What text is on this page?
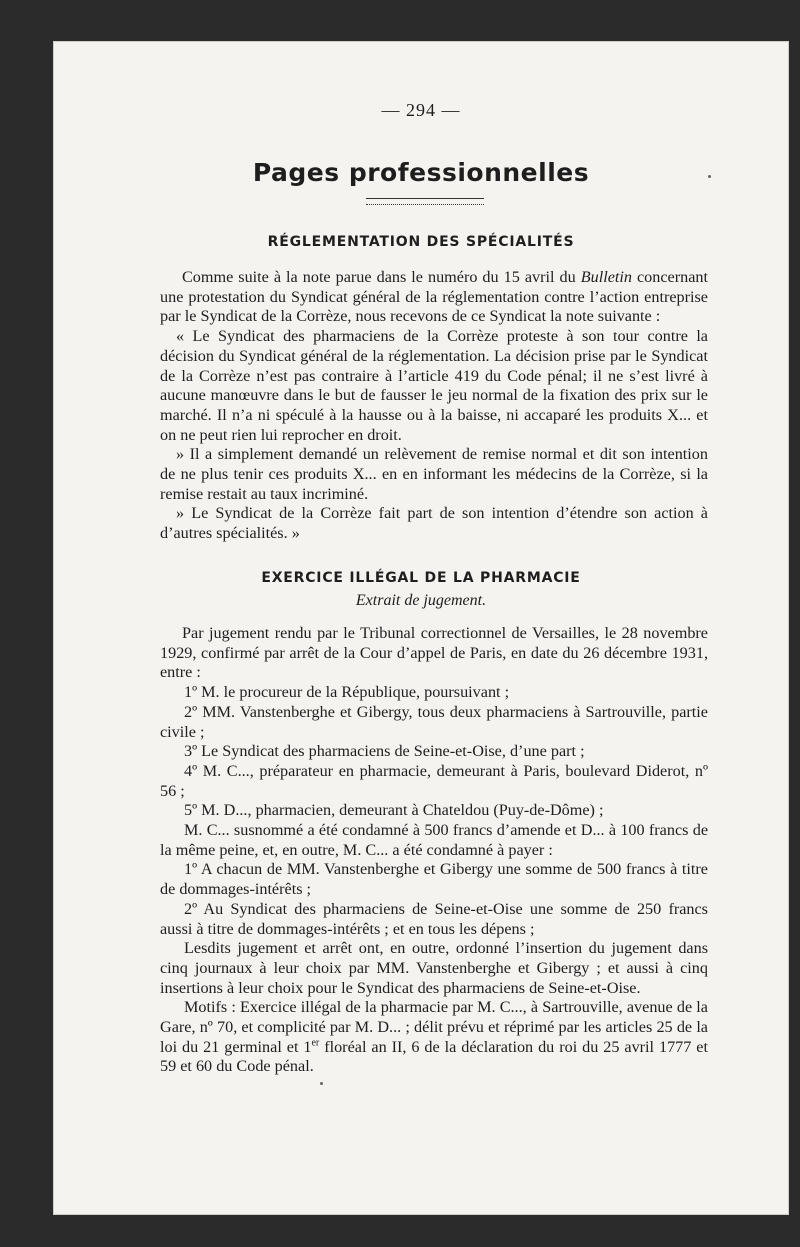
— 294 —
Pages professionnelles
RÉGLEMENTATION DES SPÉCIALITÉS

Comme suite à la note parue dans le numéro du 15 avril du Bulletin concernant une protestation du Syndicat général de la réglementation contre l’action entreprise par le Syndicat de la Corrèze, nous recevons de ce Syndicat la note suivante :

« Le Syndicat des pharmaciens de la Corrèze proteste à son tour contre la décision du Syndicat général de la réglementation. La décision prise par le Syndicat de la Corrèze n’est pas contraire à l’article 419 du Code pénal; il ne s’est livré à aucune manœuvre dans le but de fausser le jeu normal de la fixation des prix sur le marché. Il n’a ni spéculé à la hausse ou à la baisse, ni accaparé les produits X... et on ne peut rien lui reprocher en droit.

» Il a simplement demandé un relèvement de remise normal et dit son intention de ne plus tenir ces produits X... en en informant les médecins de la Corrèze, si la remise restait au taux incriminé.

» Le Syndicat de la Corrèze fait part de son intention d’étendre son action à d’autres spécialités. »

EXERCICE ILLÉGAL DE LA PHARMACIE
Extrait de jugement.

Par jugement rendu par le Tribunal correctionnel de Versailles, le 28 novembre 1929, confirmé par arrêt de la Cour d’appel de Paris, en date du 26 décembre 1931, entre :

1º M. le procureur de la République, poursuivant ;

2º MM. Vanstenberghe et Gibergy, tous deux pharmaciens à Sartrouville, partie civile ;

3º Le Syndicat des pharmaciens de Seine-et-Oise, d’une part ;

4º M. C..., préparateur en pharmacie, demeurant à Paris, boulevard Diderot, nº 56 ;

5º M. D..., pharmacien, demeurant à Chateldou (Puy-de-Dôme) ;

M. C... susnommé a été condamné à 500 francs d’amende et D... à 100 francs de la même peine, et, en outre, M. C... a été condamné à payer :

1º A chacun de MM. Vanstenberghe et Gibergy une somme de 500 francs à titre de dommages-intérêts ;

2º Au Syndicat des pharmaciens de Seine-et-Oise une somme de 250 francs aussi à titre de dommages-intérêts ; et en tous les dépens ;

Lesdits jugement et arrêt ont, en outre, ordonné l’insertion du jugement dans cinq journaux à leur choix par MM. Vanstenberghe et Gibergy ; et aussi à cinq insertions à leur choix pour le Syndicat des pharmaciens de Seine-et-Oise.

Motifs : Exercice illégal de la pharmacie par M. C..., à Sartrouville, avenue de la Gare, nº 70, et complicité par M. D... ; délit prévu et réprimé par les articles 25 de la loi du 21 germinal et 1er floréal an II, 6 de la déclaration du roi du 25 avril 1777 et 59 et 60 du Code pénal.
